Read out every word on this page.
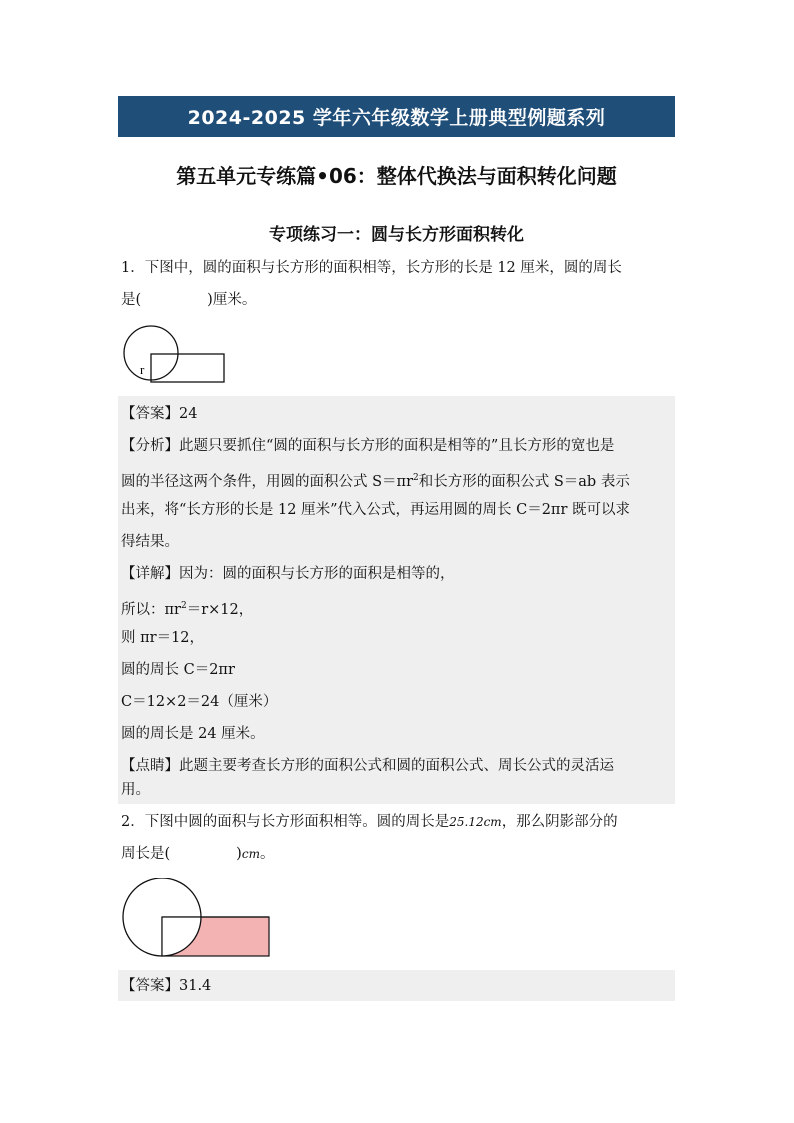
2024-2025 学年六年级数学上册典型例题系列
第五单元专练篇•06：整体代换法与面积转化问题
专项练习一：圆与长方形面积转化
1．下图中，圆的面积与长方形的面积相等，长方形的长是 12 厘米，圆的周长
是(	)厘米。
r
【答案】24
【分析】此题只要抓住“圆的面积与长方形的面积是相等的”且长方形的宽也是
圆的半径这两个条件，用圆的面积公式 $S=\pi r^2$和长方形的面积公式 S＝ab 表示
出来，将“长方形的长是 12 厘米”代入公式，再运用圆的周长 C＝2πr 既可以求
得结果。
【详解】因为：圆的面积与长方形的面积是相等的，
所以：$\pi r^2=r\times 12$，
则 πr＝12，
圆的周长 C＝2πr
C＝12×2＝24（厘米）
圆的周长是 24 厘米。
【点睛】此题主要考查长方形的面积公式和圆的面积公式、周长公式的灵活运
用。
2．下图中圆的面积与长方形面积相等。圆的周长是25.12cm，那么阴影部分的
周长是(	)cm。
【答案】31.4
